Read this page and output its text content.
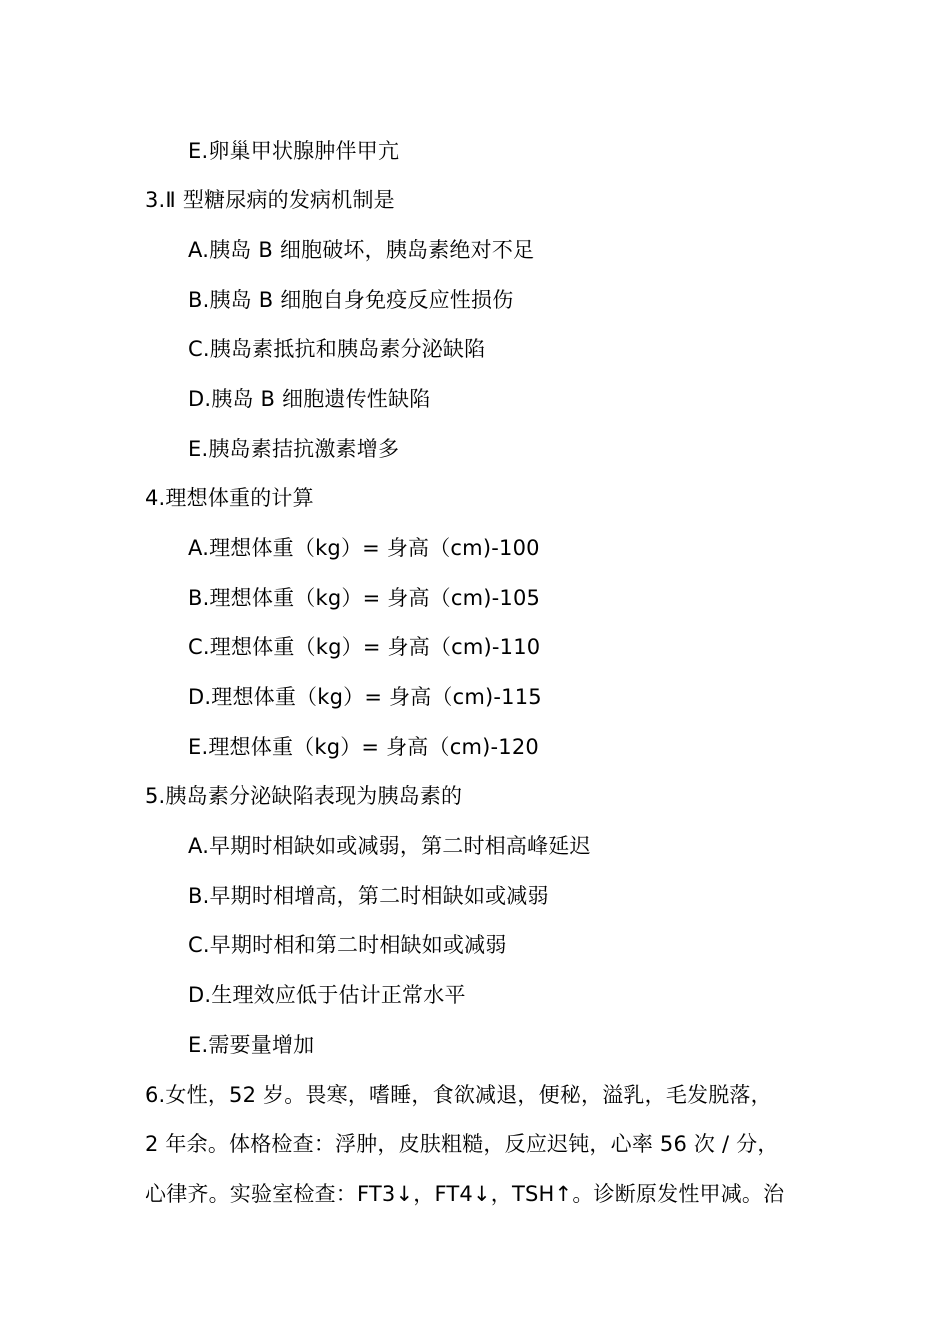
E.卵巢甲状腺肿伴甲亢
3.Ⅱ 型糖尿病的发病机制是
A.胰岛 B 细胞破坏，胰岛素绝对不足
B.胰岛 B 细胞自身免疫反应性损伤
C.胰岛素抵抗和胰岛素分泌缺陷
D.胰岛 B 细胞遗传性缺陷
E.胰岛素拮抗激素增多
4.理想体重的计算
A.理想体重（kg）= 身高（cm)-100
B.理想体重（kg）= 身高（cm)-105
C.理想体重（kg）= 身高（cm)-110
D.理想体重（kg）= 身高（cm)-115
E.理想体重（kg）= 身高（cm)-120
5.胰岛素分泌缺陷表现为胰岛素的
A.早期时相缺如或减弱，第二时相高峰延迟
B.早期时相增高，第二时相缺如或减弱
C.早期时相和第二时相缺如或减弱
D.生理效应低于估计正常水平
E.需要量增加
6.女性，52 岁。畏寒，嗜睡，食欲减退，便秘，溢乳，毛发脱落，
2 年余。体格检查：浮肿，皮肤粗糙，反应迟钝，心率 56 次 / 分，
心律齐。实验室检查：FT3↓，FT4↓，TSH↑。诊断原发性甲减。治
